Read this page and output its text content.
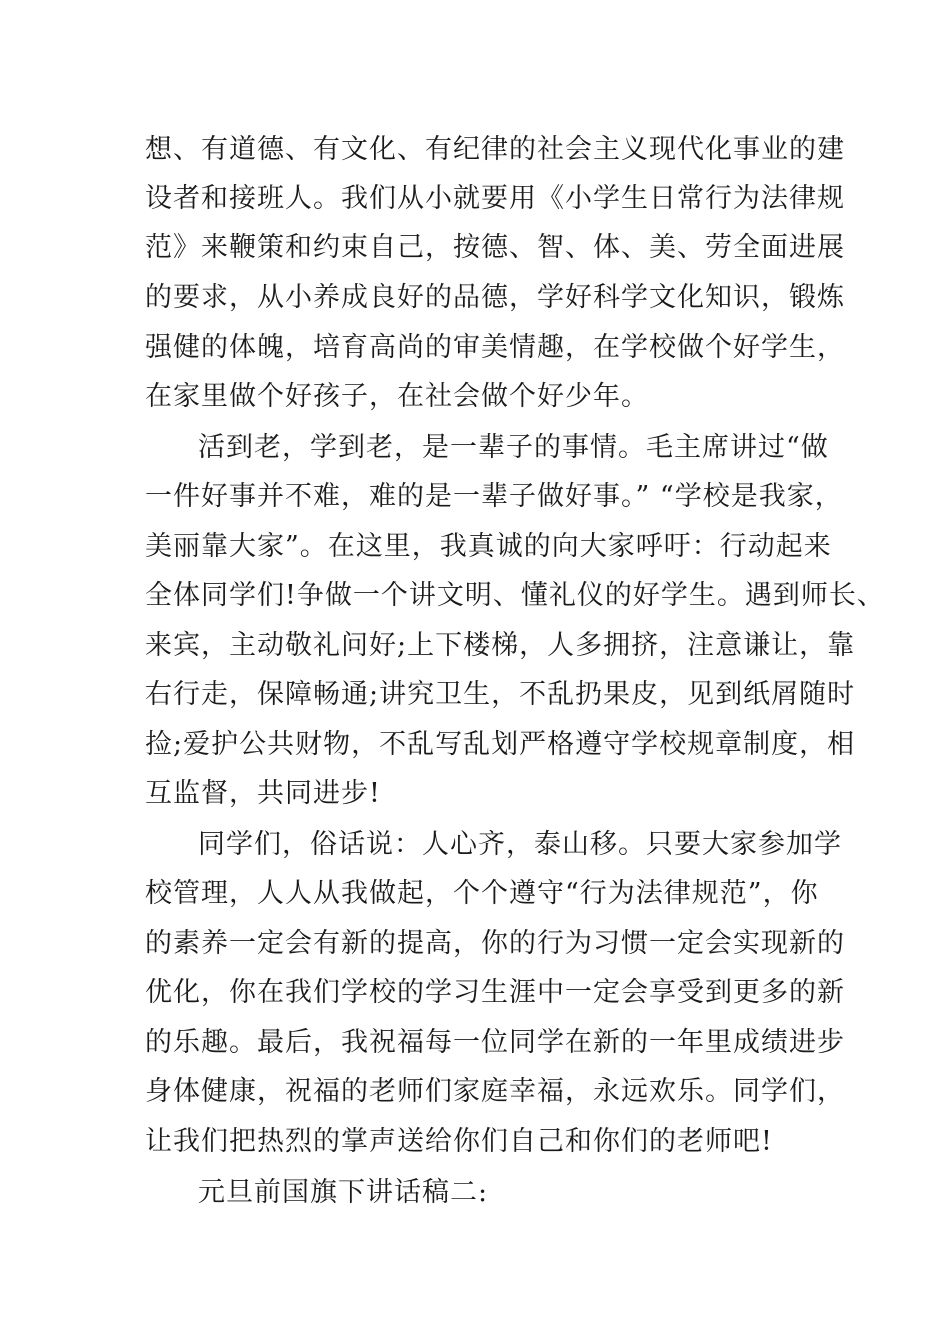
想、有道德、有文化、有纪律的社会主义现代化事业的建
设者和接班人。我们从小就要用《小学生日常行为法律规
范》来鞭策和约束自己，按德、智、体、美、劳全面进展
的要求，从小养成良好的品德，学好科学文化知识，锻炼
强健的体魄，培育高尚的审美情趣，在学校做个好学生，
在家里做个好孩子，在社会做个好少年。
活到老，学到老，是一辈子的事情。毛主席讲过“做
一件好事并不难，难的是一辈子做好事。” “学校是我家，
美丽靠大家”。在这里，我真诚的向大家呼吁：行动起来
全体同学们!争做一个讲文明、懂礼仪的好学生。遇到师长、
来宾，主动敬礼问好;上下楼梯，人多拥挤，注意谦让，靠
右行走，保障畅通;讲究卫生，不乱扔果皮，见到纸屑随时
捡;爱护公共财物，不乱写乱划严格遵守学校规章制度，相
互监督，共同进步!
同学们，俗话说：人心齐，泰山移。只要大家参加学
校管理，人人从我做起，个个遵守“行为法律规范”，你
的素养一定会有新的提高，你的行为习惯一定会实现新的
优化，你在我们学校的学习生涯中一定会享受到更多的新
的乐趣。最后，我祝福每一位同学在新的一年里成绩进步
身体健康，祝福的老师们家庭幸福，永远欢乐。同学们，
让我们把热烈的掌声送给你们自己和你们的老师吧!
元旦前国旗下讲话稿二:
